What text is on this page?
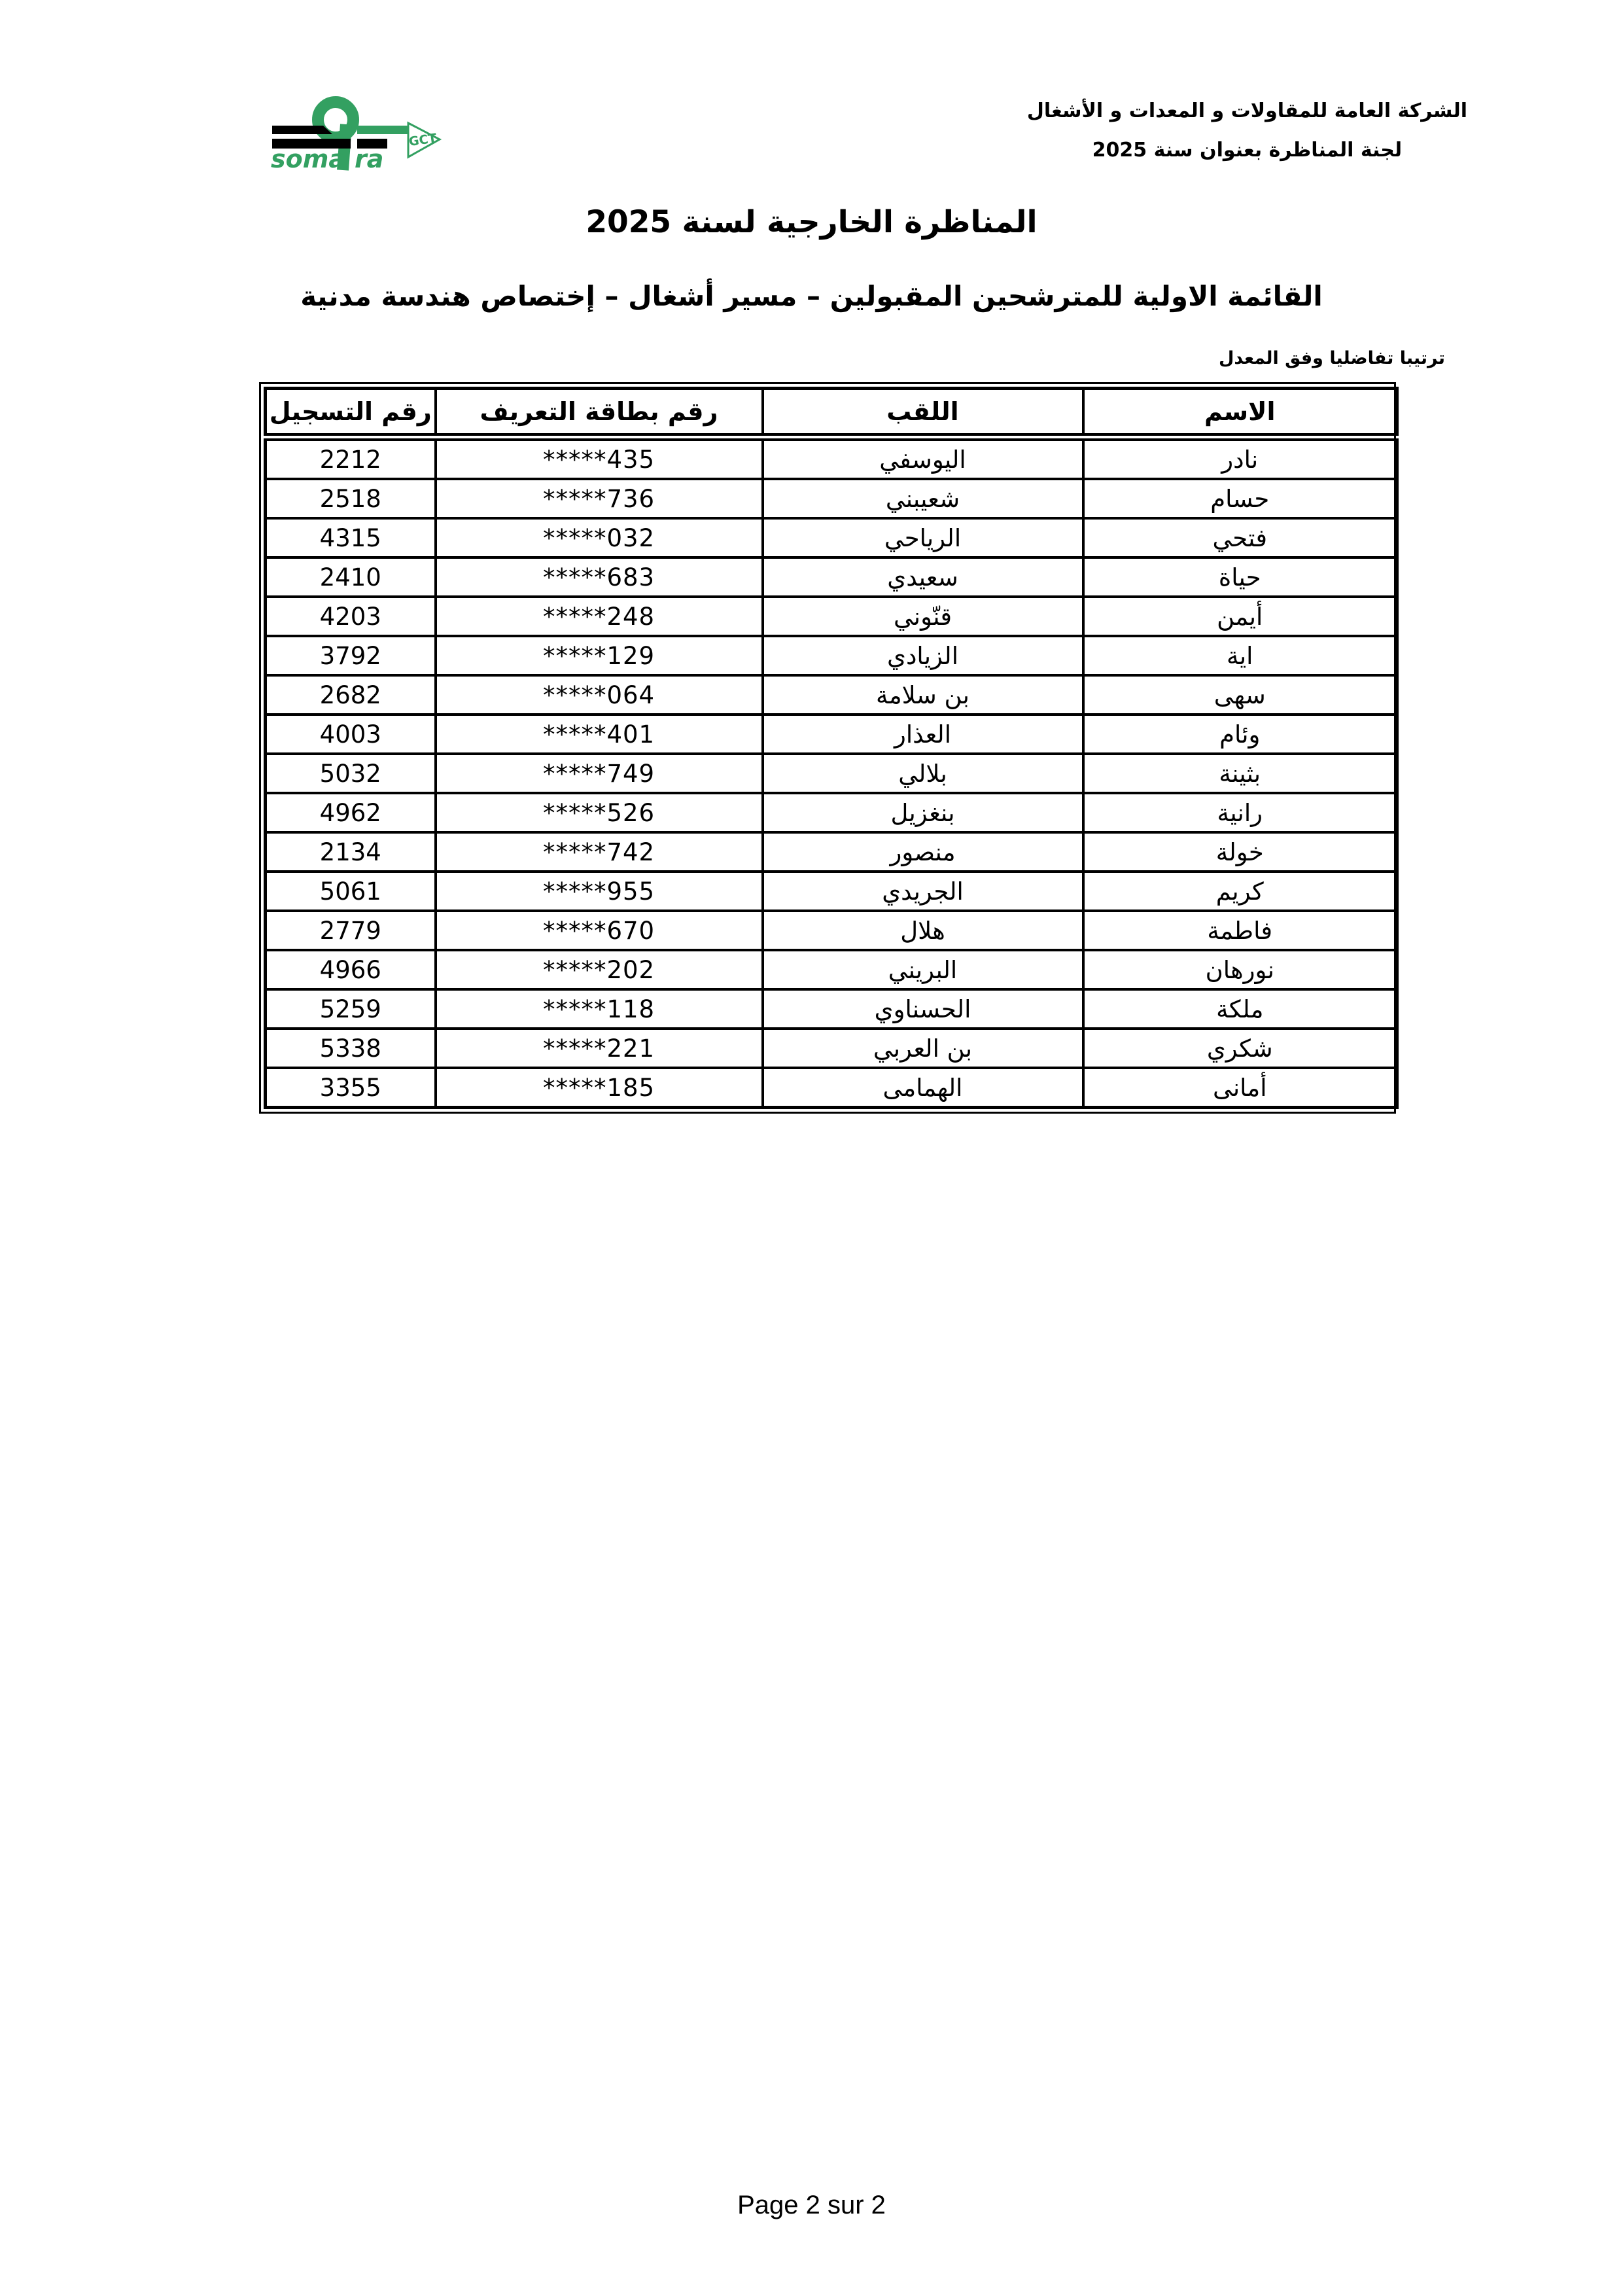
soma ra
GCT
الشركة العامة للمقاولات و المعدات و الأشغال
لجنة المناظرة بعنوان سنة 2025
المناظرة الخارجية لسنة 2025
القائمة الاولية للمترشحين المقبولين – مسير أشغال – إختصاص هندسة مدنية
ترتيبا تفاضليا وفق المعدل
الاسم	اللقب	رقم بطاقة التعريف	رقم التسجيل
نادر	اليوسفي	*****435	2212
حسام	شعيبني	*****736	2518
فتحي	الرياحي	*****032	4315
حياة	سعيدي	*****683	2410
أيمن	قنّوني	*****248	4203
اية	الزيادي	*****129	3792
سهى	بن سلامة	*****064	2682
وئام	العذار	*****401	4003
بثينة	بلالي	*****749	5032
رانية	بنغزيل	*****526	4962
خولة	منصور	*****742	2134
كريم	الجريدي	*****955	5061
فاطمة	هلال	*****670	2779
نورهان	البريني	*****202	4966
ملكة	الحسناوي	*****118	5259
شكري	بن العربي	*****221	5338
أمانى	الهمامى	*****185	3355
Page 2 sur 2
